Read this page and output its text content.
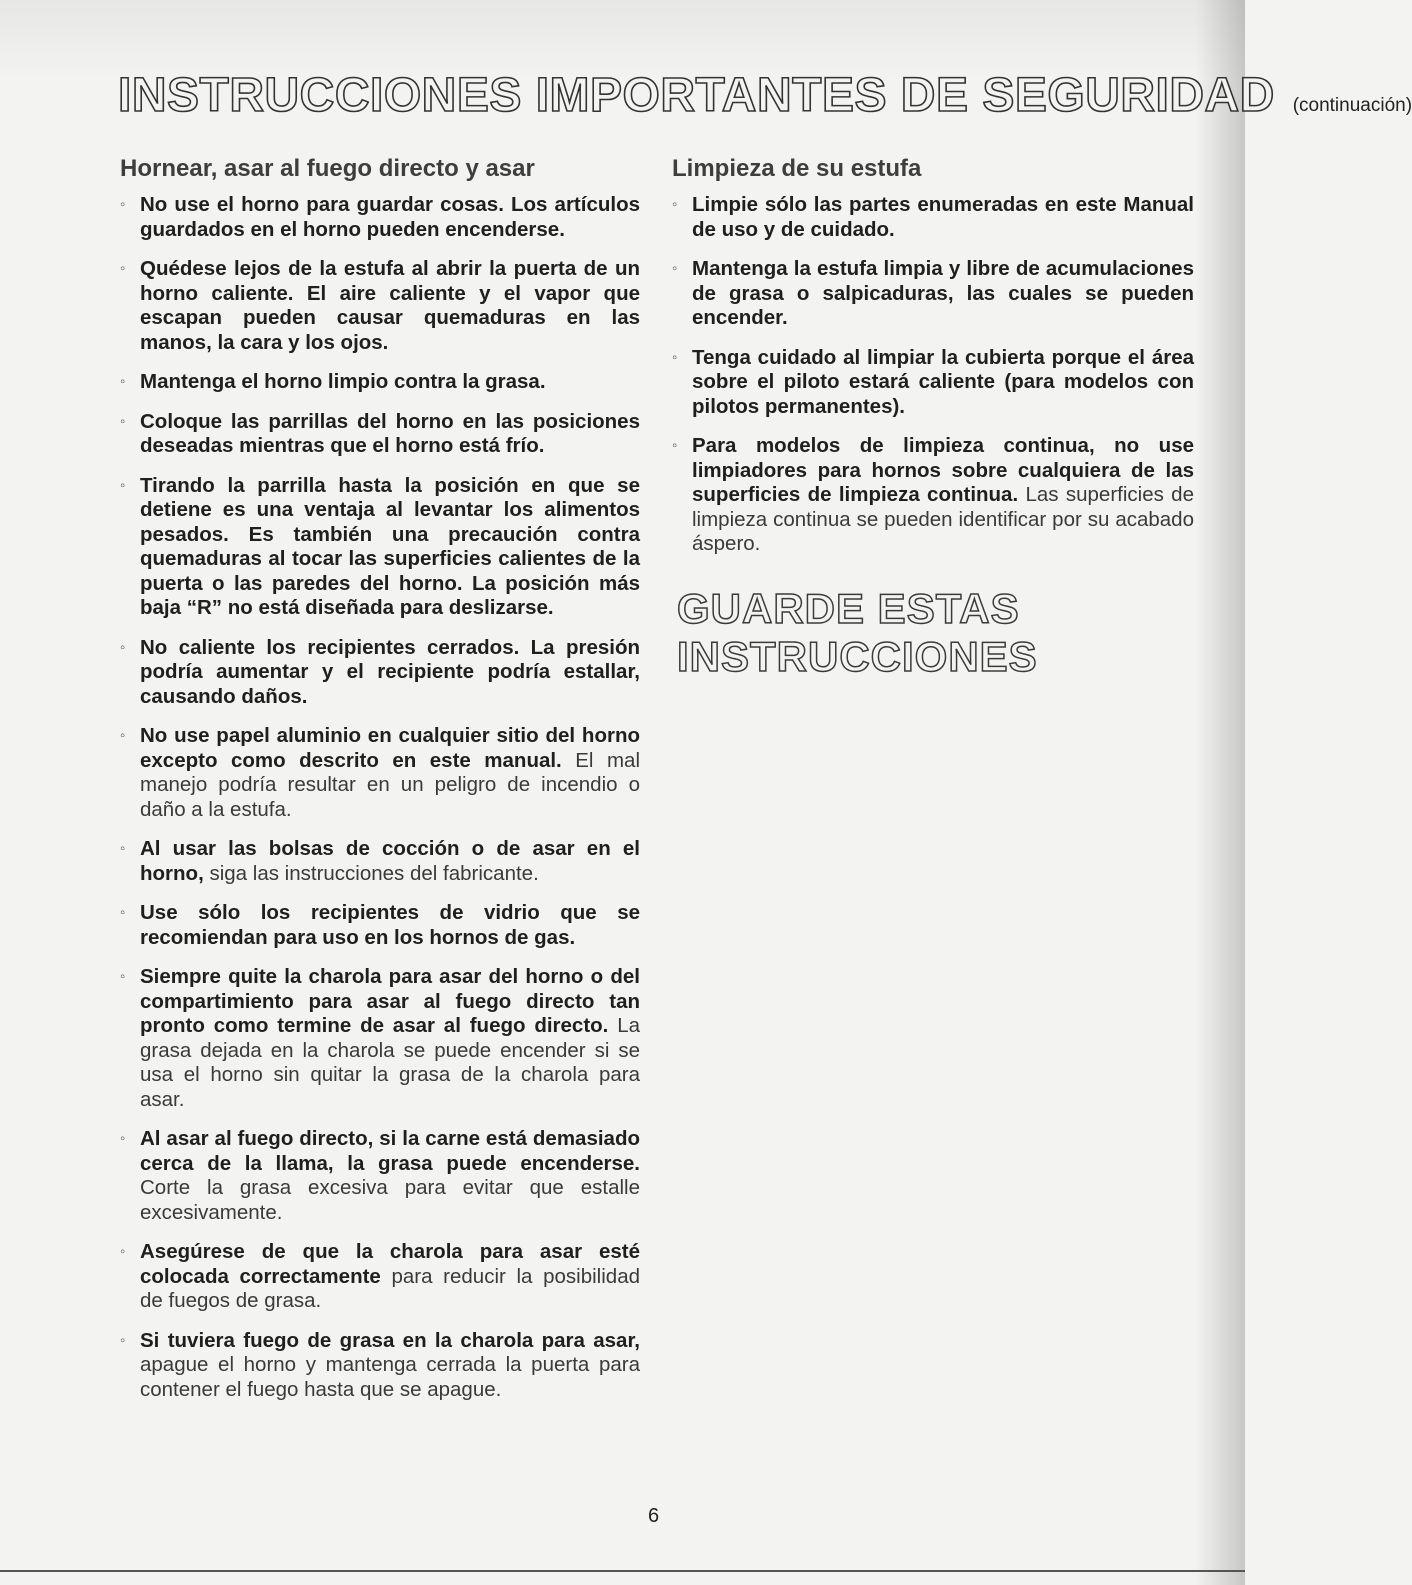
INSTRUCCIONES IMPORTANTES DE SEGURIDAD (continuación)
Hornear, asar al fuego directo y asar
◦ No use el horno para guardar cosas. Los artículos guardados en el horno pueden encenderse.
◦ Quédese lejos de la estufa al abrir la puerta de un horno caliente. El aire caliente y el vapor que escapan pueden causar quemaduras en las manos, la cara y los ojos.
◦ Mantenga el horno limpio contra la grasa.
◦ Coloque las parrillas del horno en las posiciones deseadas mientras que el horno está frío.
◦ Tirando la parrilla hasta la posición en que se detiene es una ventaja al levantar los alimentos pesados. Es también una precaución contra quemaduras al tocar las superficies calientes de la puerta o las paredes del horno. La posición más baja “R” no está diseñada para deslizarse.
◦ No caliente los recipientes cerrados. La presión podría aumentar y el recipiente podría estallar, causando daños.
◦ No use papel aluminio en cualquier sitio del horno excepto como descrito en este manual. El mal manejo podría resultar en un peligro de incendio o daño a la estufa.
◦ Al usar las bolsas de cocción o de asar en el horno, siga las instrucciones del fabricante.
◦ Use sólo los recipientes de vidrio que se recomiendan para uso en los hornos de gas.
◦ Siempre quite la charola para asar del horno o del compartimiento para asar al fuego directo tan pronto como termine de asar al fuego directo. La grasa dejada en la charola se puede encender si se usa el horno sin quitar la grasa de la charola para asar.
◦ Al asar al fuego directo, si la carne está demasiado cerca de la llama, la grasa puede encenderse. Corte la grasa excesiva para evitar que estalle excesivamente.
◦ Asegúrese de que la charola para asar esté colocada correctamente para reducir la posibilidad de fuegos de grasa.
◦ Si tuviera fuego de grasa en la charola para asar, apague el horno y mantenga cerrada la puerta para contener el fuego hasta que se apague.
Limpieza de su estufa
◦ Limpie sólo las partes enumeradas en este Manual de uso y de cuidado.
◦ Mantenga la estufa limpia y libre de acumulaciones de grasa o salpicaduras, las cuales se pueden encender.
◦ Tenga cuidado al limpiar la cubierta porque el área sobre el piloto estará caliente (para modelos con pilotos permanentes).
◦ Para modelos de limpieza continua, no use limpiadores para hornos sobre cualquiera de las superficies de limpieza continua. Las superficies de limpieza continua se pueden identificar por su acabado áspero.
GUARDE ESTAS
INSTRUCCIONES
6
